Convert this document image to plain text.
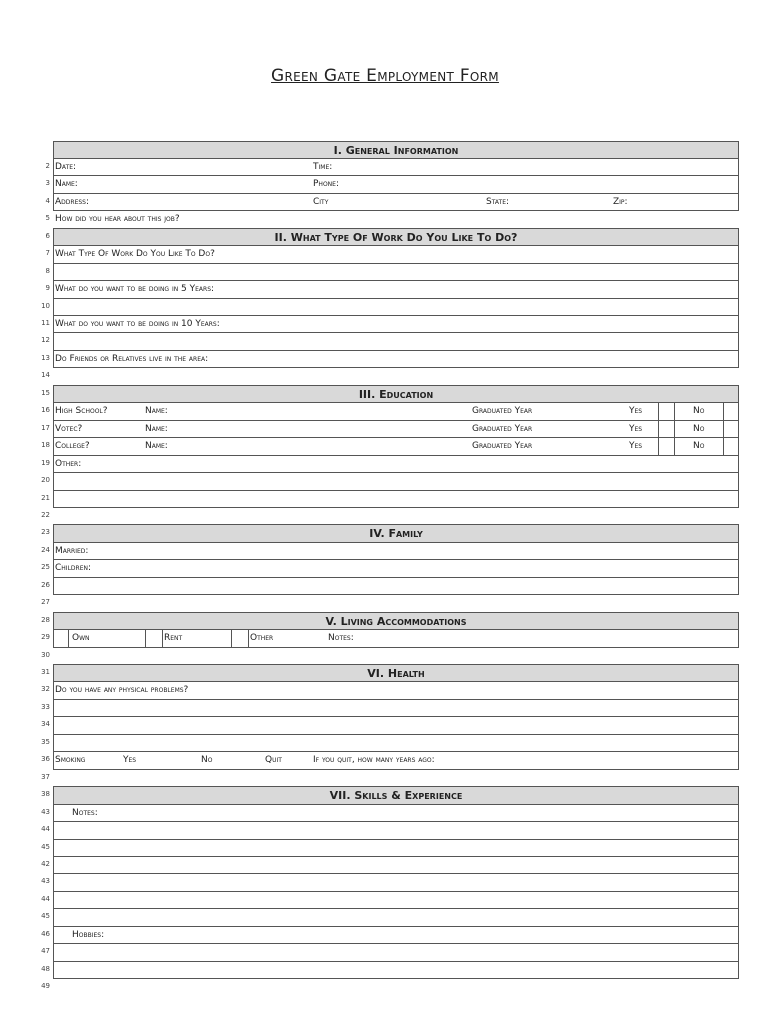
Green Gate Employment Form
2
3
4
5
6
7
8
9
10
11
12
13
14
15
16
17
18
19
20
21
22
23
24
25
26
27
28
29
30
31
32
33
34
35
36
37
38
43
44
45
42
43
44
45
46
47
48
49
I. General Information
II. What Type Of Work Do You Like To Do?
III. Education
IV. Family
V. Living Accommodations
VI. Health
VII. Skills & Experience
Date:	Time:
Name:	Phone:
Address:	City	State:	Zip:
How did you hear about this job?
What Type Of Work Do You Like To Do?
What do you want to be doing in 5 Years:
What do you want to be doing in 10 Years:
Do Friends or Relatives live in the area:
High School?	Name:	Graduated Year	Yes	No
Votec?	Name:	Graduated Year	Yes	No
College?	Name:	Graduated Year	Yes	No
Other:
Married:
Children:
Own	Rent	Other	Notes:
Do you have any physical problems?
Smoking	Yes	No	Quit	If you quit, how many years ago:
Notes:
Hobbies:
